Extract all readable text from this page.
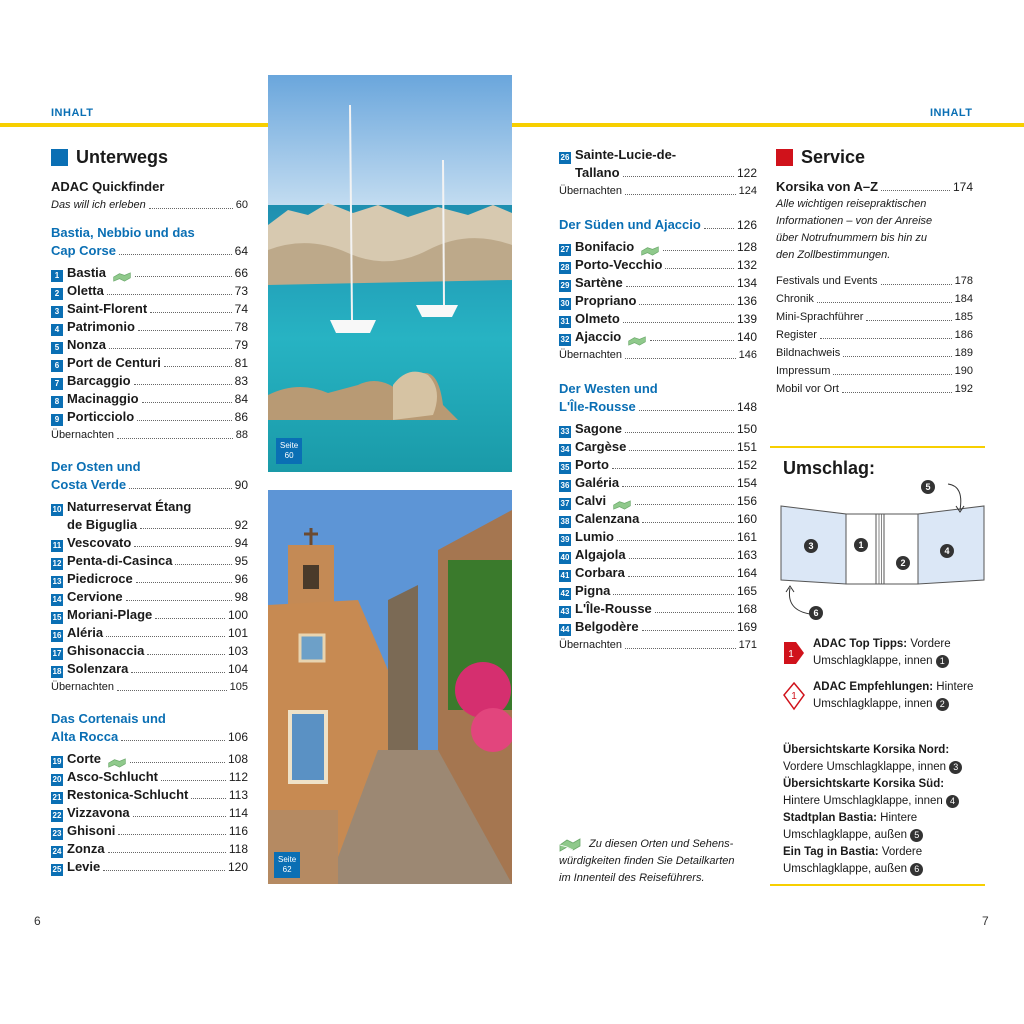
INHALT	INHALT
Unterwegs
ADAC Quickfinder
Das will ich erleben	60
Bastia, Nebbio und das
Cap Corse	64
1 Bastia	66
2 Oletta	73
3 Saint-Florent	74
4 Patrimonio	78
5 Nonza	79
6 Port de Centuri	81
7 Barcaggio	83
8 Macinaggio	84
9 Porticciolo	86
Übernachten	88
Der Osten und
Costa Verde	90
10 Naturreservat Étang
de Biguglia	92
11 Vescovato	94
12 Penta-di-Casinca	95
13 Piedicroce	96
14 Cervione	98
15 Moriani-Plage	100
16 Aléria	101
17 Ghisonaccia	103
18 Solenzara	104
Übernachten	105
Das Cortenais und
Alta Rocca	106
19 Corte	108
20 Asco-Schlucht	112
21 Restonica-Schlucht	113
22 Vizzavona	114
23 Ghisoni	116
24 Zonza	118
25 Levie	120
Seite
60
Seite
62
26 Sainte-Lucie-de-
Tallano	122
Übernachten	124
Der Süden und Ajaccio	126
27 Bonifacio	128
28 Porto-Vecchio	132
29 Sartène	134
30 Propriano	136
31 Olmeto	139
32 Ajaccio	140
Übernachten	146
Der Westen und
L'Île-Rousse	148
33 Sagone	150
34 Cargèse	151
35 Porto	152
36 Galéria	154
37 Calvi	156
38 Calenzana	160
39 Lumio	161
40 Algajola	163
41 Corbara	164
42 Pigna	165
43 L'Île-Rousse	168
44 Belgodère	169
Übernachten	171
Zu diesen Orten und Sehens-
würdigkeiten finden Sie Detailkarten
im Innenteil des Reiseführers.
Service
Korsika von A–Z	174
Alle wichtigen reisepraktischen
Informationen – von der Anreise
über Notrufnummern bis hin zu
den Zollbestimmungen.
Festivals und Events	178
Chronik	184
Mini-Sprachführer	185
Register	186
Bildnachweis	189
Impressum	190
Mobil vor Ort	192
Umschlag:
1
2
3	4
5
6
1
ADAC Top Tipps: Vordere
Umschlagklappe, innen 1
1
ADAC Empfehlungen: Hintere
Umschlagklappe, innen 2
Übersichtskarte Korsika Nord:
Vordere Umschlagklappe, innen 3
Übersichtskarte Korsika Süd:
Hintere Umschlagklappe, innen 4
Stadtplan Bastia: Hintere
Umschlagklappe, außen 5
Ein Tag in Bastia: Vordere
Umschlagklappe, außen 6
6	7
